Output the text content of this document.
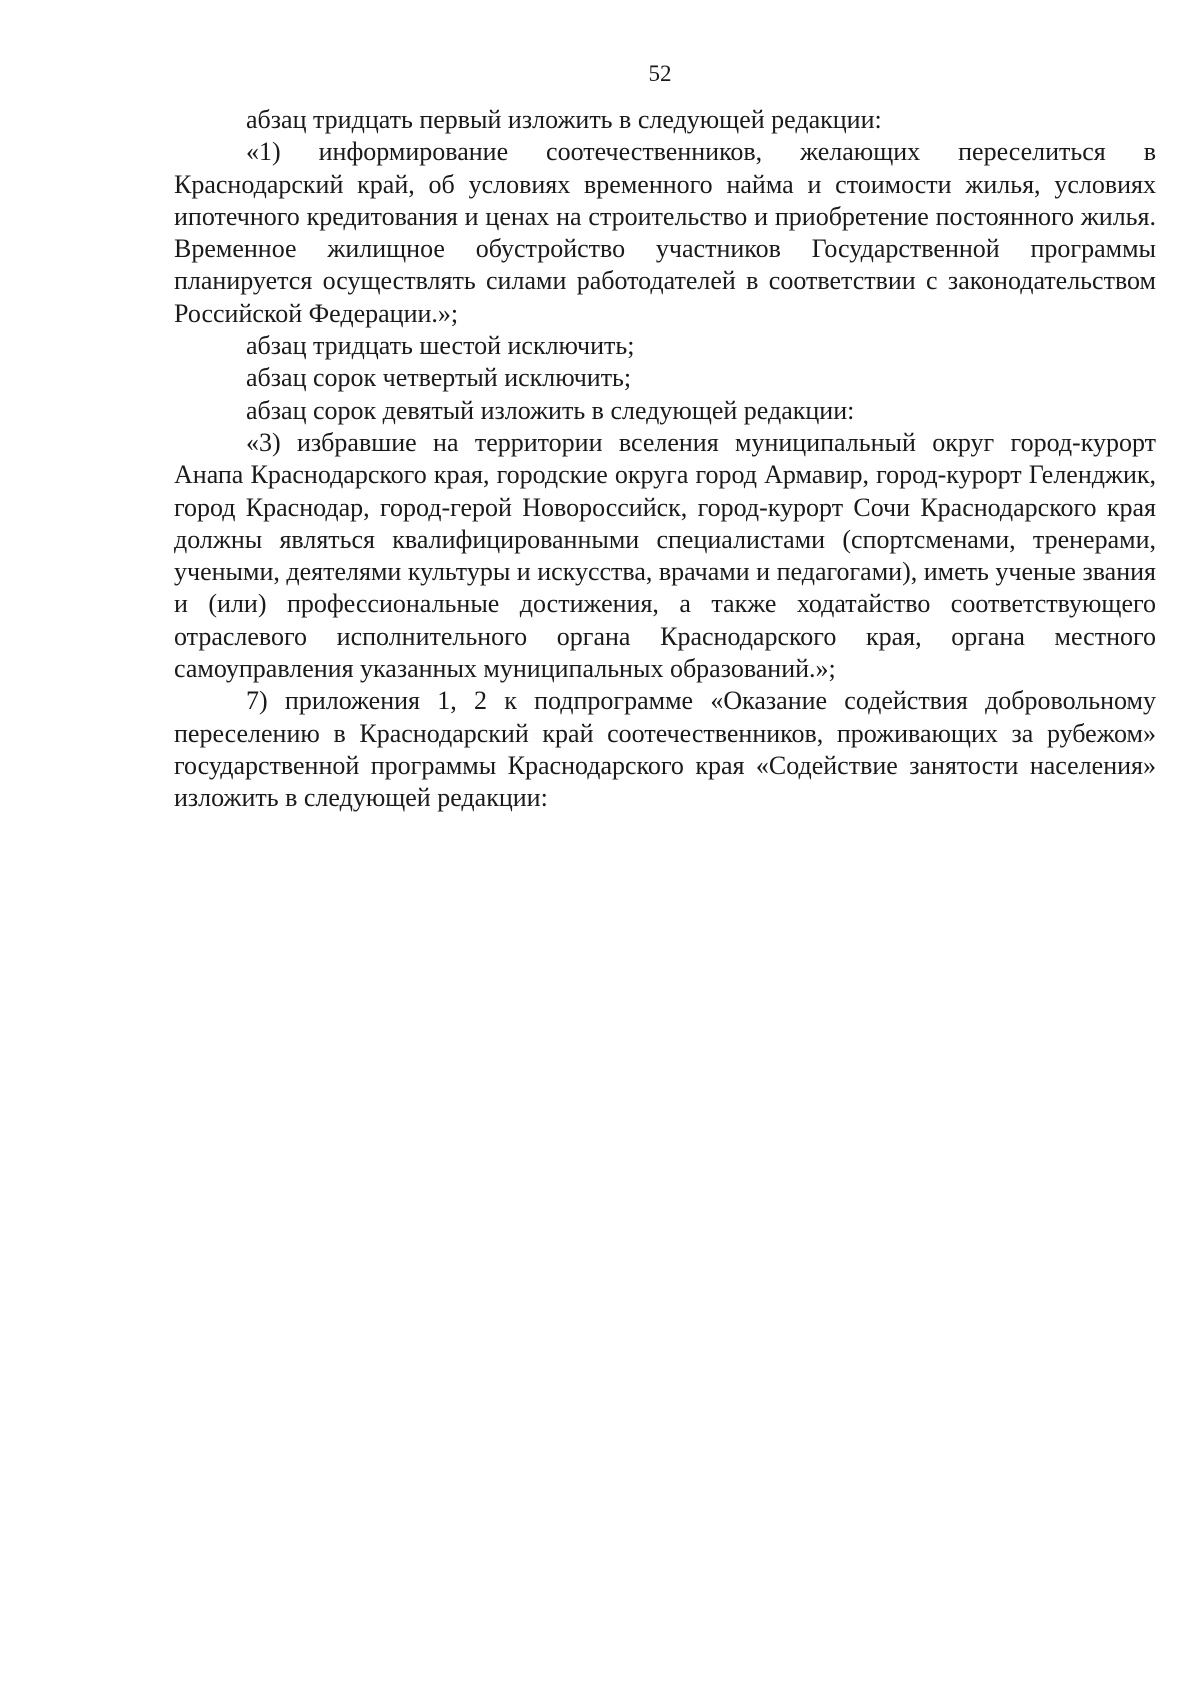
52

абзац тридцать первый изложить в следующей редакции:

«1) информирование соотечественников, желающих переселиться в Краснодарский край, об условиях временного найма и стоимости жилья, условиях ипотечного кредитования и ценах на строительство и приобретение постоянного жилья. Временное жилищное обустройство участников Государственной программы планируется осуществлять силами работодателей в соответствии с законодательством Российской Федерации.»;

абзац тридцать шестой исключить;

абзац сорок четвертый исключить;

абзац сорок девятый изложить в следующей редакции:

«3) избравшие на территории вселения муниципальный округ город-курорт Анапа Краснодарского края, городские округа город Армавир, город-курорт Геленджик, город Краснодар, город-герой Новороссийск, город-курорт Сочи Краснодарского края должны являться квалифицированными специалистами (спортсменами, тренерами, учеными, деятелями культуры и искусства, врачами и педагогами), иметь ученые звания и (или) профессиональные достижения, а также ходатайство соответствующего отраслевого исполнительного органа Краснодарского края, органа местного самоуправления указанных муниципальных образований.»;

7) приложения 1, 2 к подпрограмме «Оказание содействия добровольному переселению в Краснодарский край соотечественников, проживающих за рубежом» государственной программы Краснодарского края «Содействие занятости населения» изложить в следующей редакции:
